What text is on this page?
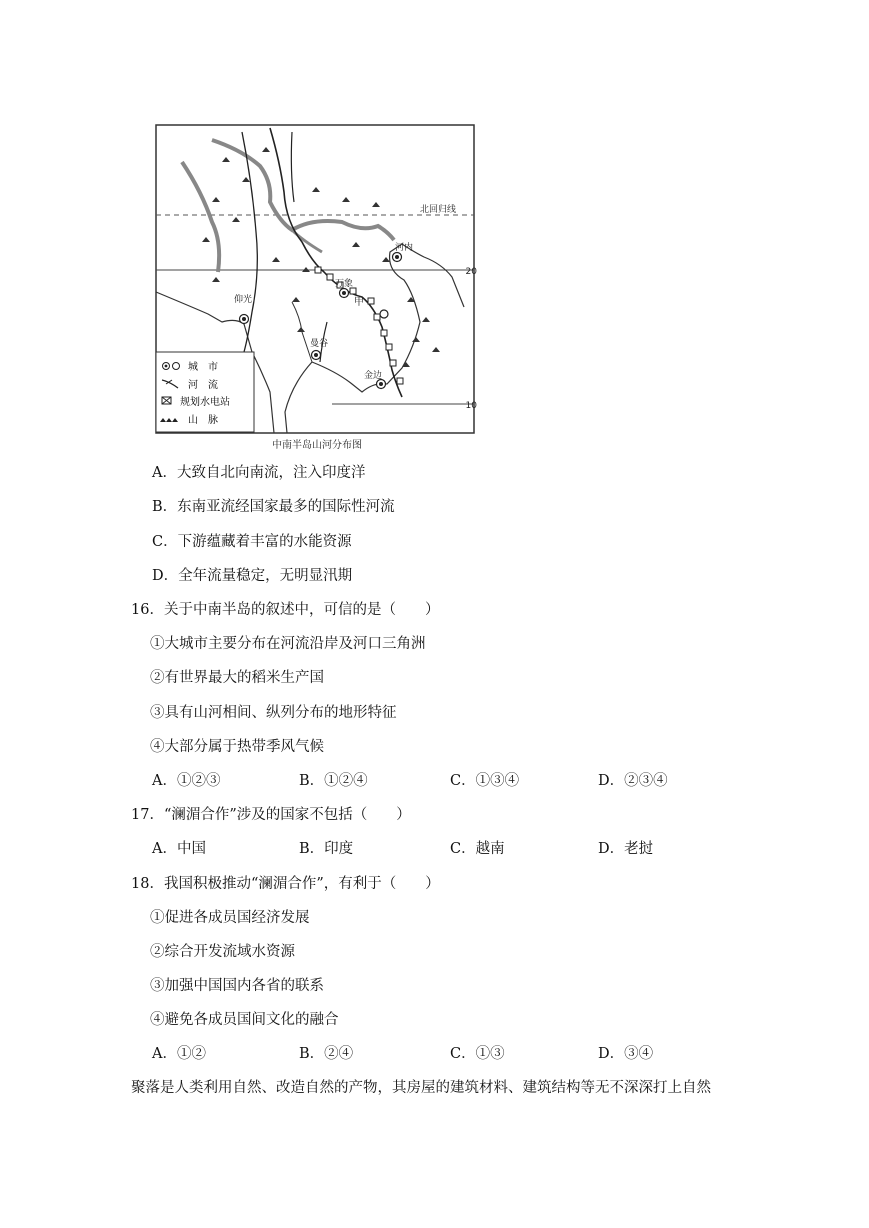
北回归线
20
10
河内
万象
甲
仰光
曼谷
金边
城　市
河　流
规划水电站
山　脉
中南半岛山河分布图
A．大致自北向南流，注入印度洋
B．东南亚流经国家最多的国际性河流
C．下游蕴藏着丰富的水能资源
D．全年流量稳定，无明显汛期
16．关于中南半岛的叙述中，可信的是（　　）
①大城市主要分布在河流沿岸及河口三角洲
②有世界最大的稻米生产国
③具有山河相间、纵列分布的地形特征
④大部分属于热带季风气候
A．①②③	B．①②④	C．①③④	D．②③④
17．“澜湄合作”涉及的国家不包括（　　）
A．中国	B．印度	C．越南	D．老挝
18．我国积极推动“澜湄合作”，有利于（　　）
①促进各成员国经济发展
②综合开发流域水资源
③加强中国国内各省的联系
④避免各成员国间文化的融合
A．①②	B．②④	C．①③	D．③④
聚落是人类利用自然、改造自然的产物，其房屋的建筑材料、建筑结构等无不深深打上自然
